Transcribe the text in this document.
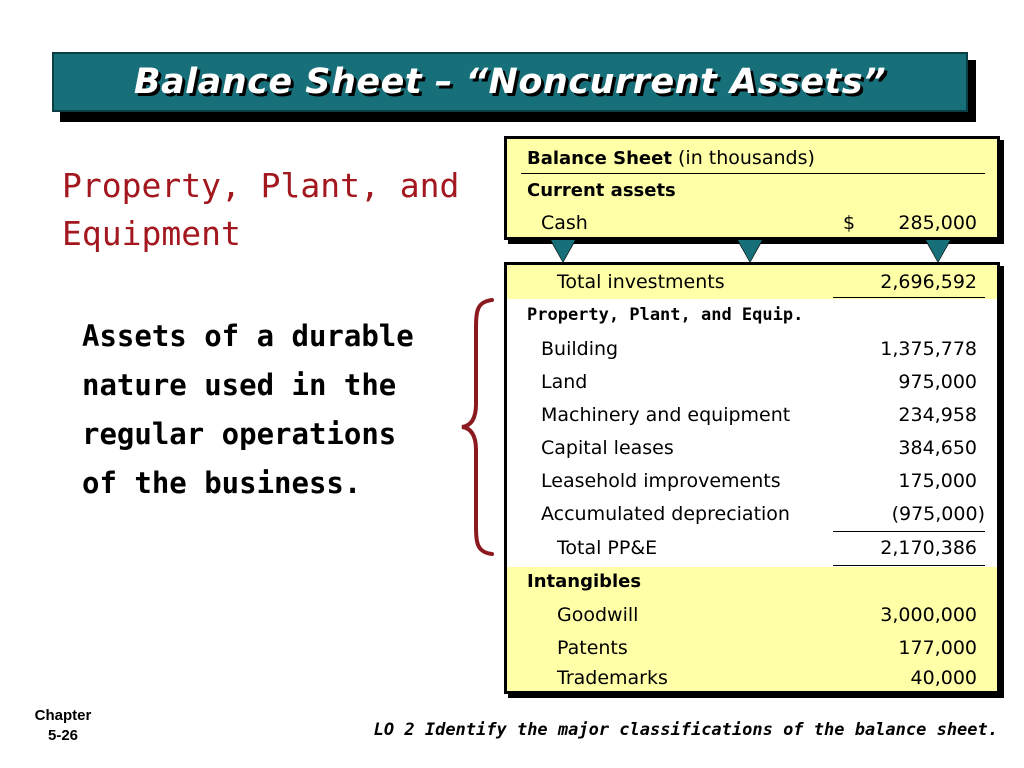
Balance Sheet – “Noncurrent Assets”
Property, Plant, and
Equipment
Assets of a durable
nature used in the
regular operations
of the business.
Balance Sheet (in thousands)
Current assets
Cash	$ 285,000
Total investments	2,696,592
Property, Plant, and Equip.
Building	1,375,778
Land	975,000
Machinery and equipment	234,958
Capital leases	384,650
Leasehold improvements	175,000
Accumulated depreciation	(975,000)
Total PP&E	2,170,386
Intangibles
Goodwill	3,000,000
Patents	177,000
Trademarks	40,000
Chapter
5-26	LO 2 Identify the major classifications of the balance sheet.
